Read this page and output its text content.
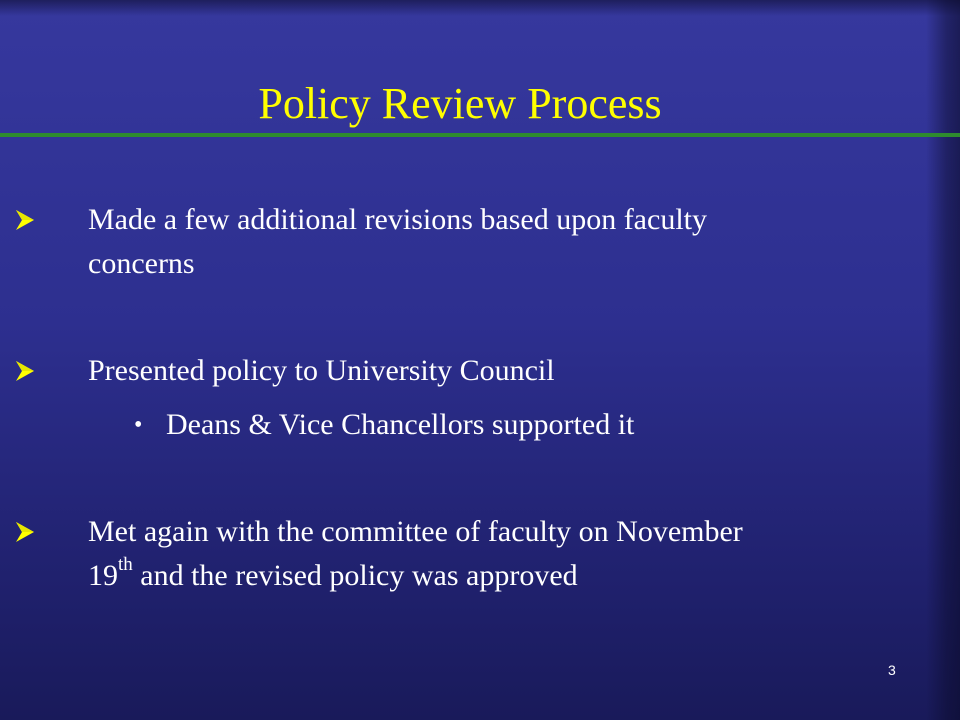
Policy Review Process
Made a few additional revisions based upon faculty
concerns
Presented policy to University Council
• Deans & Vice Chancellors supported it
Met again with the committee of faculty on November
19th and the revised policy was approved
3
